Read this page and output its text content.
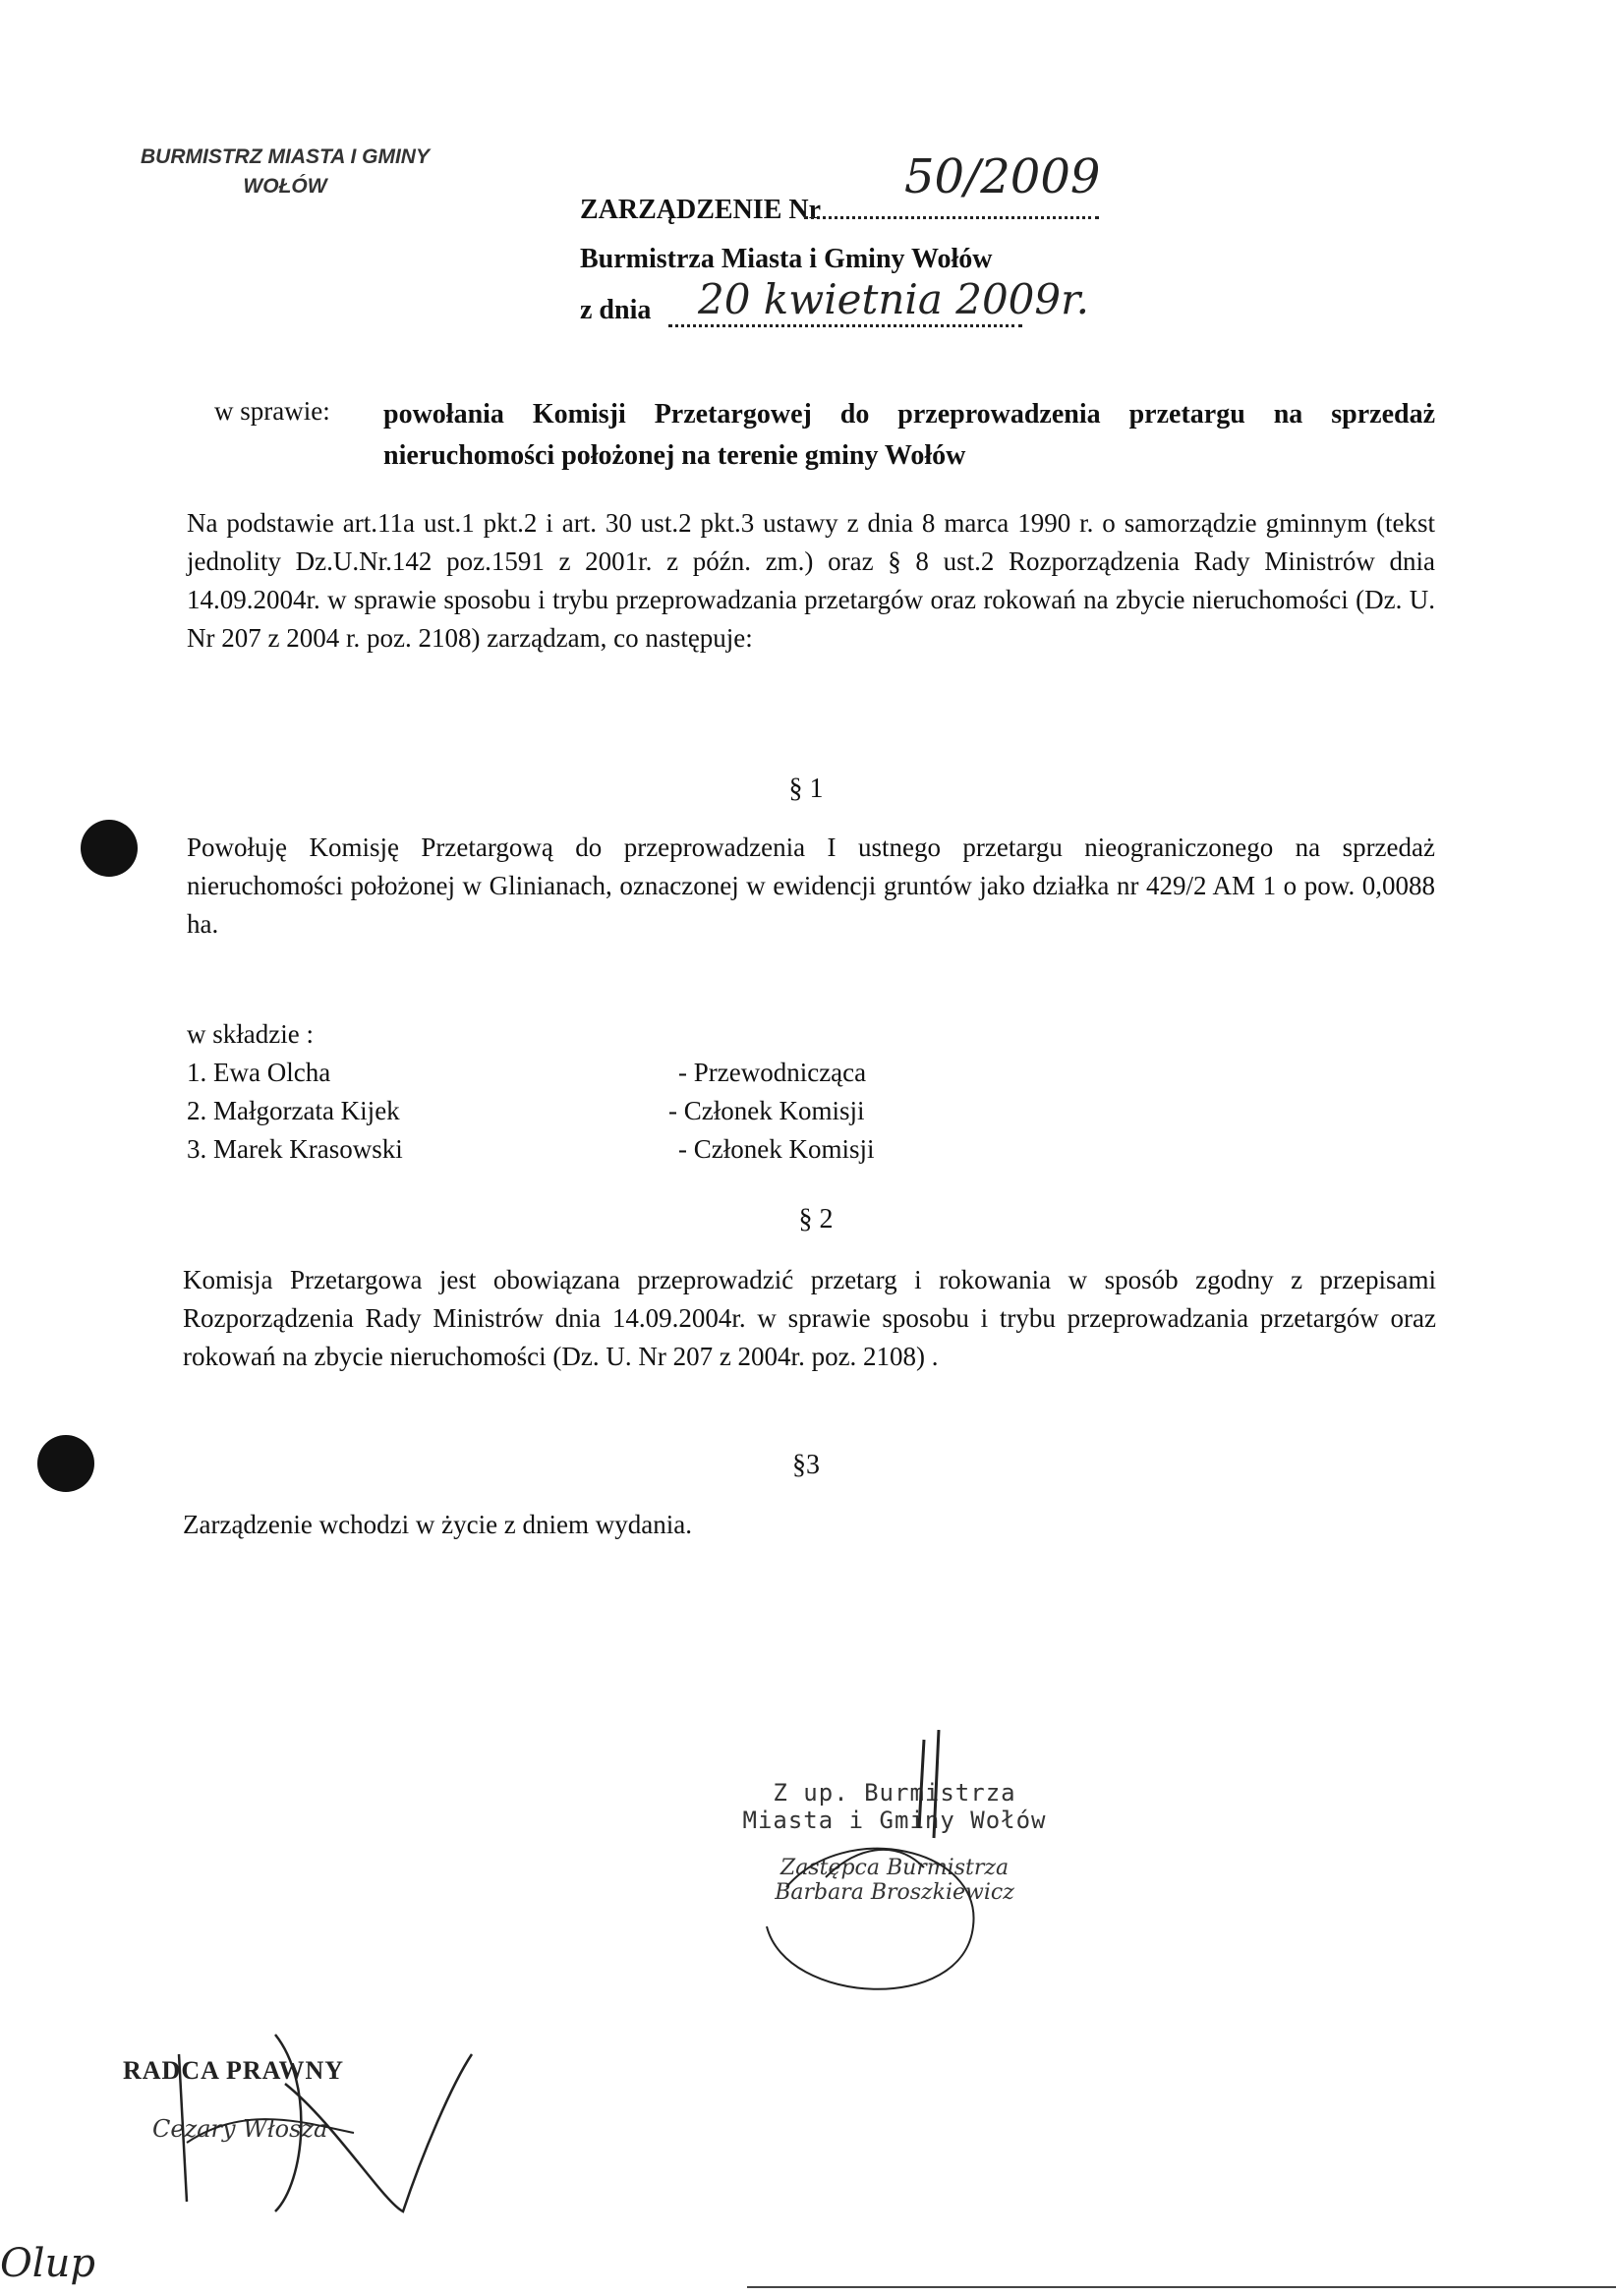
BURMISTRZ MIASTA I GMINY
WOŁÓW
ZARZĄDZENIE Nr
50/2009
Burmistrza Miasta i Gminy Wołów
z dnia 20 kwietnia 2009r.
w sprawie: powołania Komisji Przetargowej do przeprowadzenia przetargu na sprzedaż nieruchomości położonej na terenie gminy Wołów
Na podstawie art.11a ust.1 pkt.2 i art. 30 ust.2 pkt.3 ustawy z dnia 8 marca 1990 r. o samorządzie gminnym (tekst jednolity Dz.U.Nr.142 poz.1591 z 2001r. z późn. zm.) oraz § 8 ust.2 Rozporządzenia Rady Ministrów dnia 14.09.2004r. w sprawie sposobu i trybu przeprowadzania przetargów oraz rokowań na zbycie nieruchomości (Dz. U. Nr 207 z 2004 r. poz. 2108) zarządzam, co następuje:
§ 1
Powołuję Komisję Przetargową do przeprowadzenia I ustnego przetargu nieograniczonego na sprzedaż nieruchomości położonej w Glinianach, oznaczonej w ewidencji gruntów jako działka nr 429/2 AM 1 o pow. 0,0088 ha.
w składzie :
1. Ewa Olcha	- Przewodnicząca
2. Małgorzata Kijek	- Członek Komisji
3. Marek Krasowski	- Członek Komisji
§ 2
Komisja Przetargowa jest obowiązana przeprowadzić przetarg i rokowania w sposób zgodny z przepisami Rozporządzenia Rady Ministrów dnia 14.09.2004r. w sprawie sposobu i trybu przeprowadzania przetargów oraz rokowań na zbycie nieruchomości (Dz. U. Nr 207 z 2004r. poz. 2108) .
§3
Zarządzenie wchodzi w życie z dniem wydania.
Z up. Burmistrza
Miasta i Gminy Wołów
Zastępca Burmistrza
Barbara Broszkiewicz
RADCA PRAWNY
Cezary Włosza
Olup
